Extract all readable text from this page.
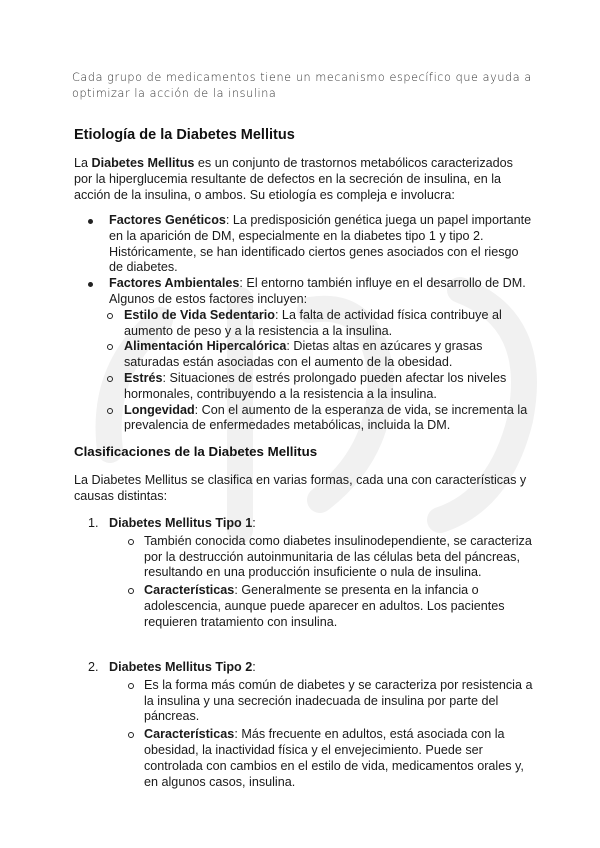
Cada grupo de medicamentos tiene un mecanismo específico que ayuda a optimizar la acción de la insulina
Etiología de la Diabetes Mellitus
La Diabetes Mellitus es un conjunto de trastornos metabólicos caracterizados por la hiperglucemia resultante de defectos en la secreción de insulina, en la acción de la insulina, o ambos. Su etiología es compleja e involucra:
Factores Genéticos: La predisposición genética juega un papel importante en la aparición de DM, especialmente en la diabetes tipo 1 y tipo 2. Históricamente, se han identificado ciertos genes asociados con el riesgo de diabetes.
Factores Ambientales: El entorno también influye en el desarrollo de DM. Algunos de estos factores incluyen:
Estilo de Vida Sedentario: La falta de actividad física contribuye al aumento de peso y a la resistencia a la insulina.
Alimentación Hipercalórica: Dietas altas en azúcares y grasas saturadas están asociadas con el aumento de la obesidad.
Estrés: Situaciones de estrés prolongado pueden afectar los niveles hormonales, contribuyendo a la resistencia a la insulina.
Longevidad: Con el aumento de la esperanza de vida, se incrementa la prevalencia de enfermedades metabólicas, incluida la DM.
Clasificaciones de la Diabetes Mellitus
La Diabetes Mellitus se clasifica en varias formas, cada una con características y causas distintas:
1. Diabetes Mellitus Tipo 1:
También conocida como diabetes insulinodependiente, se caracteriza por la destrucción autoinmunitaria de las células beta del páncreas, resultando en una producción insuficiente o nula de insulina.
Características: Generalmente se presenta en la infancia o adolescencia, aunque puede aparecer en adultos. Los pacientes requieren tratamiento con insulina.
2. Diabetes Mellitus Tipo 2:
Es la forma más común de diabetes y se caracteriza por resistencia a la insulina y una secreción inadecuada de insulina por parte del páncreas.
Características: Más frecuente en adultos, está asociada con la obesidad, la inactividad física y el envejecimiento. Puede ser controlada con cambios en el estilo de vida, medicamentos orales y, en algunos casos, insulina.
